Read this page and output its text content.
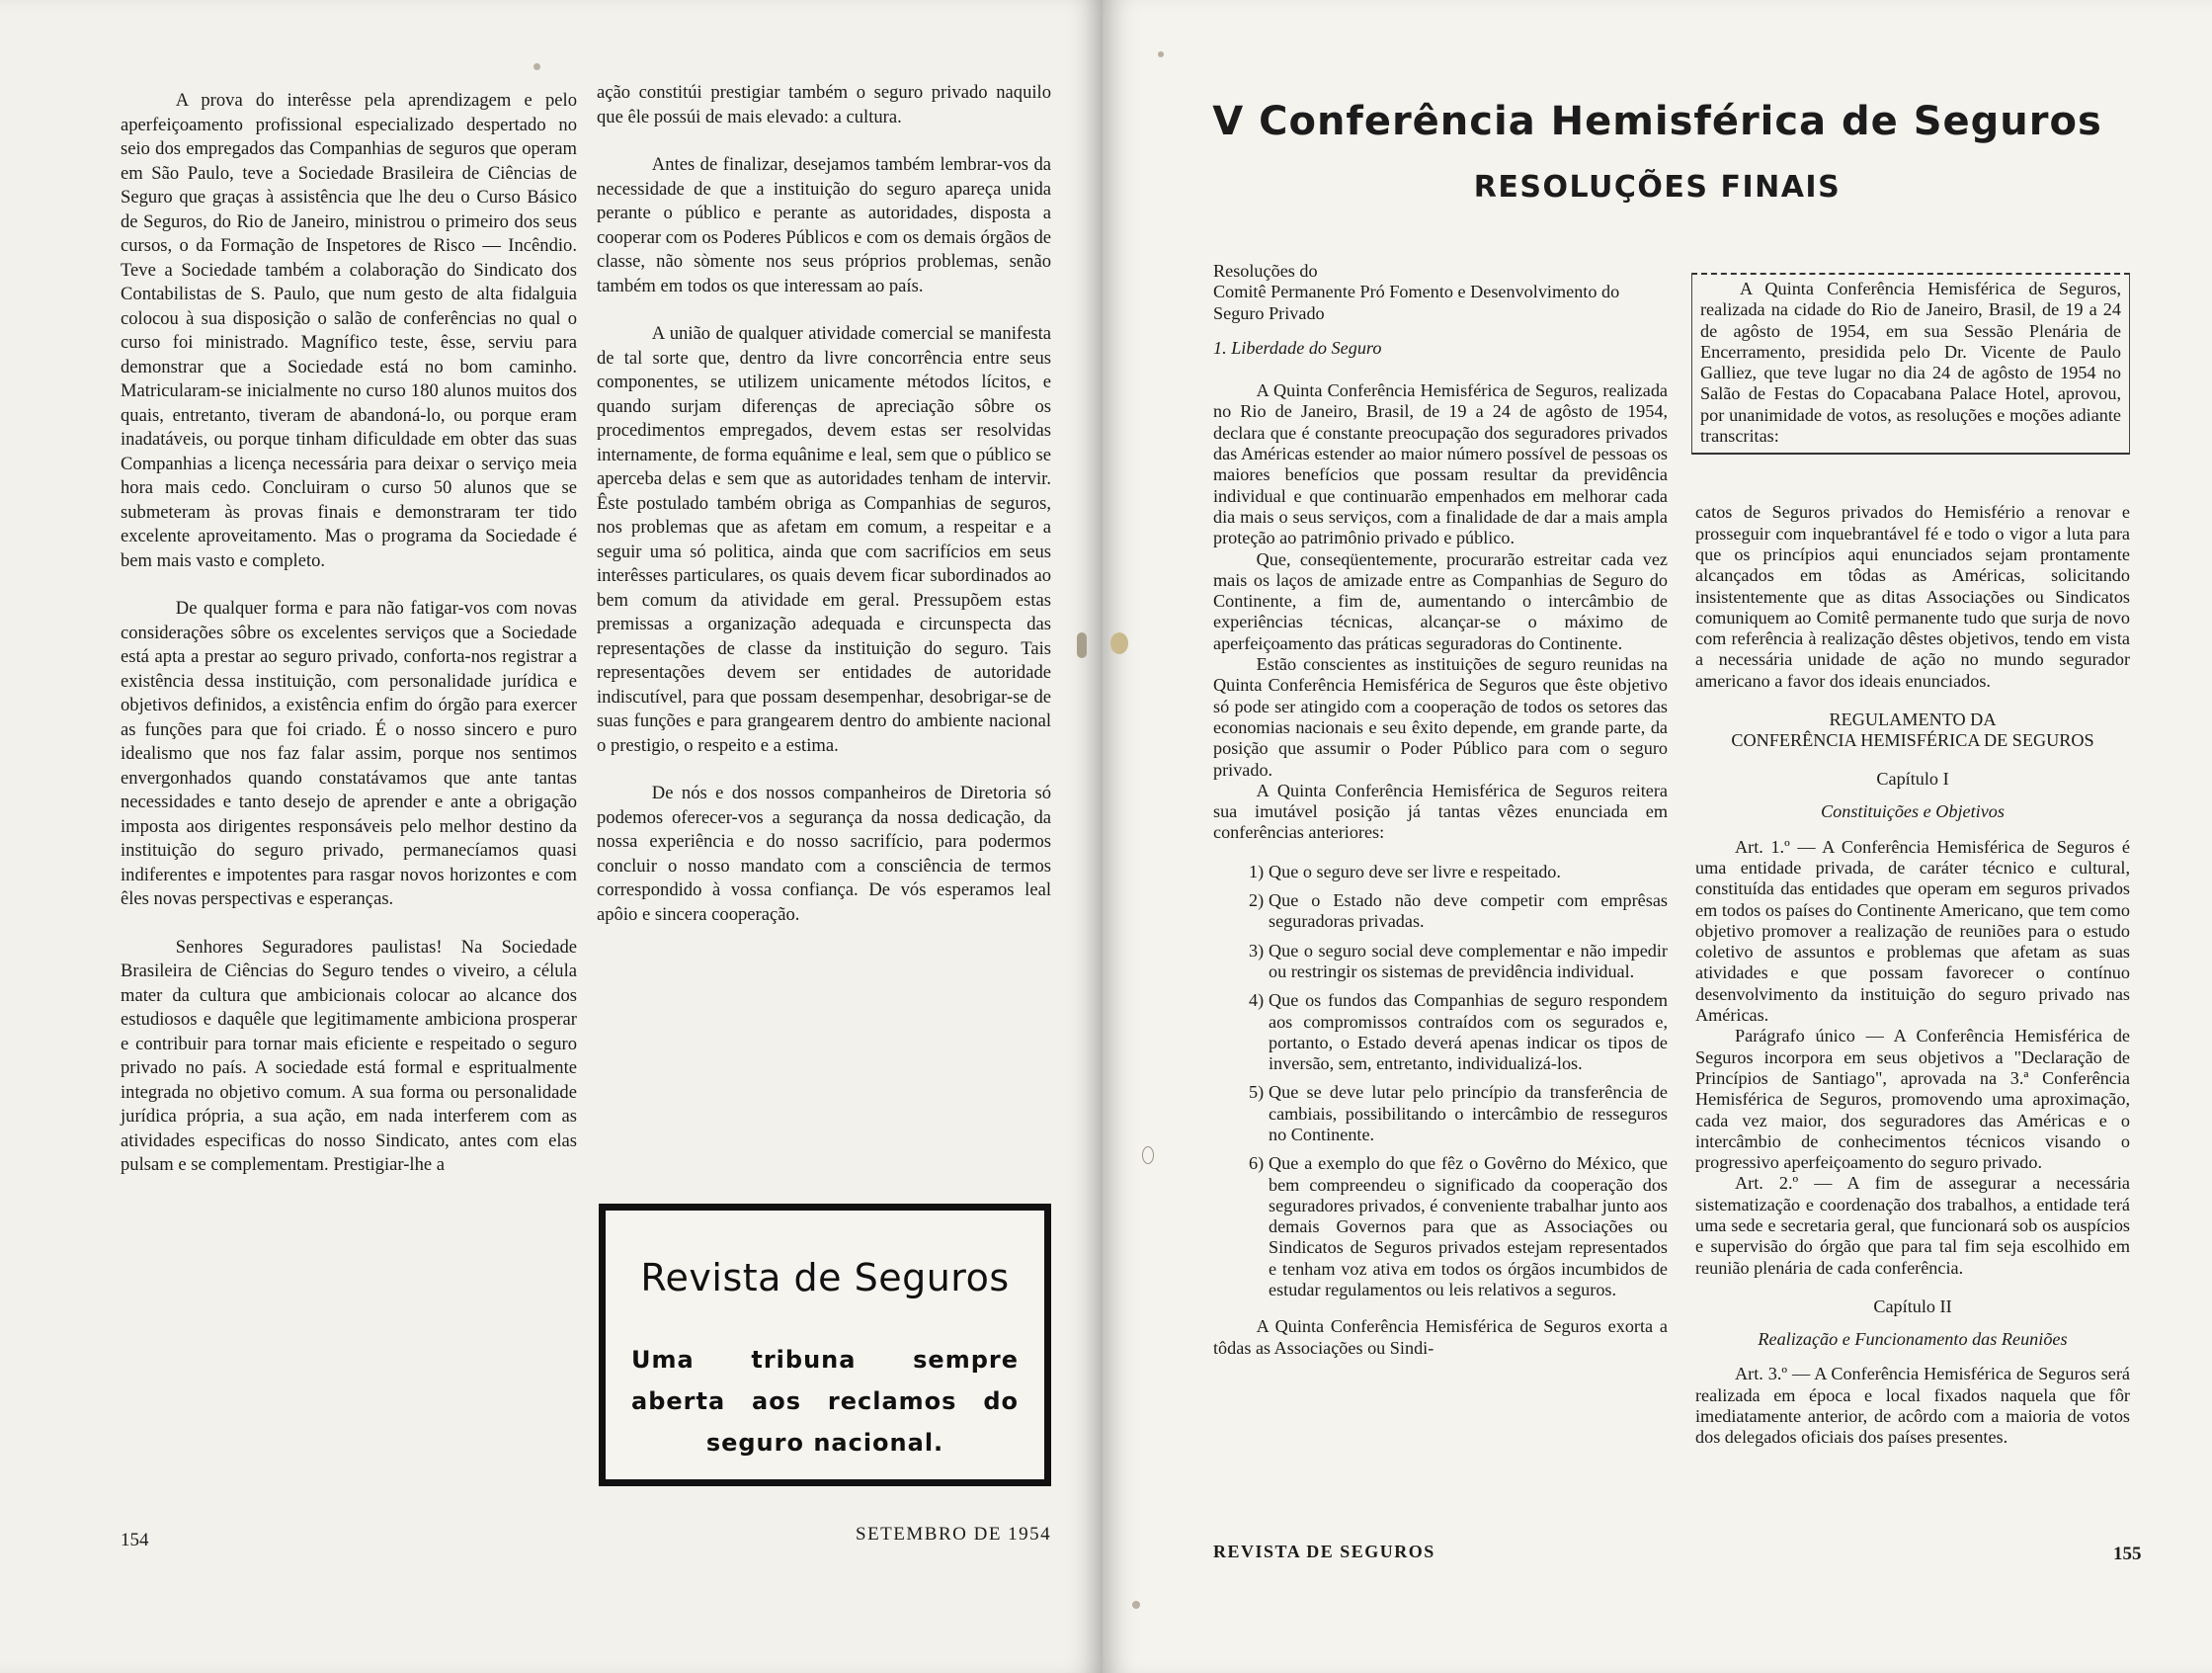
A prova do interêsse pela aprendizagem e pelo aperfeiçoamento profissional especializado despertado no seio dos empregados das Companhias de seguros que operam em São Paulo, teve a Sociedade Brasileira de Ciências de Seguro que graças à assistência que lhe deu o Curso Básico de Seguros, do Rio de Janeiro, ministrou o primeiro dos seus cursos, o da Formação de Inspetores de Risco — Incêndio. Teve a Sociedade também a colaboração do Sindicato dos Contabilistas de S. Paulo, que num gesto de alta fidalguia colocou à sua disposição o salão de conferências no qual o curso foi ministrado. Magnífico teste, êsse, serviu para demonstrar que a Sociedade está no bom caminho. Matricularam-se inicialmente no curso 180 alunos muitos dos quais, entretanto, tiveram de abandoná-lo, ou porque eram inadatáveis, ou porque tinham dificuldade em obter das suas Companhias a licença necessária para deixar o serviço meia hora mais cedo. Concluiram o curso 50 alunos que se submeteram às provas finais e demonstraram ter tido excelente aproveitamento. Mas o programa da Sociedade é bem mais vasto e completo.

De qualquer forma e para não fatigar-vos com novas considerações sôbre os excelentes serviços que a Sociedade está apta a prestar ao seguro privado, conforta-nos registrar a existência dessa instituição, com personalidade jurídica e objetivos definidos, a existência enfim do órgão para exercer as funções para que foi criado. É o nosso sincero e puro idealismo que nos faz falar assim, porque nos sentimos envergonhados quando constatávamos que ante tantas necessidades e tanto desejo de aprender e ante a obrigação imposta aos dirigentes responsáveis pelo melhor destino da instituição do seguro privado, permanecíamos quasi indiferentes e impotentes para rasgar novos horizontes e com êles novas perspectivas e esperanças.

Senhores Seguradores paulistas! Na Sociedade Brasileira de Ciências do Seguro tendes o viveiro, a célula mater da cultura que ambicionais colocar ao alcance dos estudiosos e daquêle que legitimamente ambiciona prosperar e contribuir para tornar mais eficiente e respeitado o seguro privado no país. A sociedade está formal e espritualmente integrada no objetivo comum. A sua forma ou personalidade jurídica própria, a sua ação, em nada interferem com as atividades especificas do nosso Sindicato, antes com elas pulsam e se complementam. Prestigiar-lhe a

ação constitúi prestigiar também o seguro privado naquilo que êle possúi de mais elevado: a cultura.

Antes de finalizar, desejamos também lembrar-vos da necessidade de que a instituição do seguro apareça unida perante o público e perante as autoridades, disposta a cooperar com os Poderes Públicos e com os demais órgãos de classe, não sòmente nos seus próprios problemas, senão também em todos os que interessam ao país.

A união de qualquer atividade comercial se manifesta de tal sorte que, dentro da livre concorrência entre seus componentes, se utilizem unicamente métodos lícitos, e quando surjam diferenças de apreciação sôbre os procedimentos empregados, devem estas ser resolvidas internamente, de forma equânime e leal, sem que o público se aperceba delas e sem que as autoridades tenham de intervir. Êste postulado também obriga as Companhias de seguros, nos problemas que as afetam em comum, a respeitar e a seguir uma só politica, ainda que com sacrifícios em seus interêsses particulares, os quais devem ficar subordinados ao bem comum da atividade em geral. Pressupõem estas premissas a organização adequada e circunspecta das representações de classe da instituição do seguro. Tais representações devem ser entidades de autoridade indiscutível, para que possam desempenhar, desobrigar-se de suas funções e para grangearem dentro do ambiente nacional o prestigio, o respeito e a estima.

De nós e dos nossos companheiros de Diretoria só podemos oferecer-vos a segurança da nossa dedicação, da nossa experiência e do nosso sacrifício, para podermos concluir o nosso mandato com a consciência de termos correspondido à vossa confiança. De vós esperamos leal apôio e sincera cooperação.

Revista de Seguros
Uma tribuna sempre aberta aos reclamos do seguro nacional.
154	SETEMBRO DE 1954
V Conferência Hemisférica de Seguros
RESOLUÇÕES FINAIS

Resoluções do

Comitê Permanente Pró Fomento e Desenvolvimento do Seguro Privado

1. Liberdade do Seguro

A Quinta Conferência Hemisférica de Seguros, realizada no Rio de Janeiro, Brasil, de 19 a 24 de agôsto de 1954, declara que é constante preocupação dos seguradores privados das Américas estender ao maior número possível de pessoas os maiores benefícios que possam resultar da previdência individual e que continuarão empenhados em melhorar cada dia mais o seus serviços, com a finalidade de dar a mais ampla proteção ao patrimônio privado e público.

Que, conseqüentemente, procurarão estreitar cada vez mais os laços de amizade entre as Companhias de Seguro do Continente, a fim de, aumentando o intercâmbio de experiências técnicas, alcançar-se o máximo de aperfeiçoamento das práticas seguradoras do Continente.

Estão conscientes as instituições de seguro reunidas na Quinta Conferência Hemisférica de Seguros que êste objetivo só pode ser atingido com a cooperação de todos os setores das economias nacionais e seu êxito depende, em grande parte, da posição que assumir o Poder Público para com o seguro privado.

A Quinta Conferência Hemisférica de Seguros reitera sua imutável posição já tantas vêzes enunciada em conferências anteriores:

1) Que o seguro deve ser livre e respeitado.
2) Que o Estado não deve competir com emprêsas seguradoras privadas.
3) Que o seguro social deve complementar e não impedir ou restringir os sistemas de previdência individual.
4) Que os fundos das Companhias de seguro respondem aos compromissos contraídos com os segurados e, portanto, o Estado deverá apenas indicar os tipos de inversão, sem, entretanto, individualizá-los.
5) Que se deve lutar pelo princípio da transferência de cambiais, possibilitando o intercâmbio de resseguros no Continente.
6) Que a exemplo do que fêz o Govêrno do México, que bem compreendeu o significado da cooperação dos seguradores privados, é conveniente trabalhar junto aos demais Governos para que as Associações ou Sindicatos de Seguros privados estejam representados e tenham voz ativa em todos os órgãos incumbidos de estudar regulamentos ou leis relativos a seguros.

A Quinta Conferência Hemisférica de Seguros exorta a tôdas as Associações ou Sindi-

A Quinta Conferência Hemisférica de Seguros, realizada na cidade do Rio de Janeiro, Brasil, de 19 a 24 de agôsto de 1954, em sua Sessão Plenária de Encerramento, presidida pelo Dr. Vicente de Paulo Galliez, que teve lugar no dia 24 de agôsto de 1954 no Salão de Festas do Copacabana Palace Hotel, aprovou, por unanimidade de votos, as resoluções e moções adiante transcritas:

catos de Seguros privados do Hemisfério a renovar e prosseguir com inquebrantável fé e todo o vigor a luta para que os princípios aqui enunciados sejam prontamente alcançados em tôdas as Américas, solicitando insistentemente que as ditas Associações ou Sindicatos comuniquem ao Comitê permanente tudo que surja de novo com referência à realização dêstes objetivos, tendo em vista a necessária unidade de ação no mundo segurador americano a favor dos ideais enunciados.

REGULAMENTO DA
CONFERÊNCIA HEMISFÉRICA DE SEGUROS

Capítulo I

Constituições e Objetivos

Art. 1.º — A Conferência Hemisférica de Seguros é uma entidade privada, de caráter técnico e cultural, constituída das entidades que operam em seguros privados em todos os países do Continente Americano, que tem como objetivo promover a realização de reuniões para o estudo coletivo de assuntos e problemas que afetam as suas atividades e que possam favorecer o contínuo desenvolvimento da instituição do seguro privado nas Américas.

Parágrafo único — A Conferência Hemisférica de Seguros incorpora em seus objetivos a "Declaração de Princípios de Santiago", aprovada na 3.ª Conferência Hemisférica de Seguros, promovendo uma aproximação, cada vez maior, dos seguradores das Américas e o intercâmbio de conhecimentos técnicos visando o progressivo aperfeiçoamento do seguro privado.

Art. 2.º — A fim de assegurar a necessária sistematização e coordenação dos trabalhos, a entidade terá uma sede e secretaria geral, que funcionará sob os auspícios e supervisão do órgão que para tal fim seja escolhido em reunião plenária de cada conferência.

Capítulo II

Realização e Funcionamento das Reuniões

Art. 3.º — A Conferência Hemisférica de Seguros será realizada em época e local fixados naquela que fôr imediatamente anterior, de acôrdo com a maioria de votos dos delegados oficiais dos países presentes.

REVISTA DE SEGUROS	155
